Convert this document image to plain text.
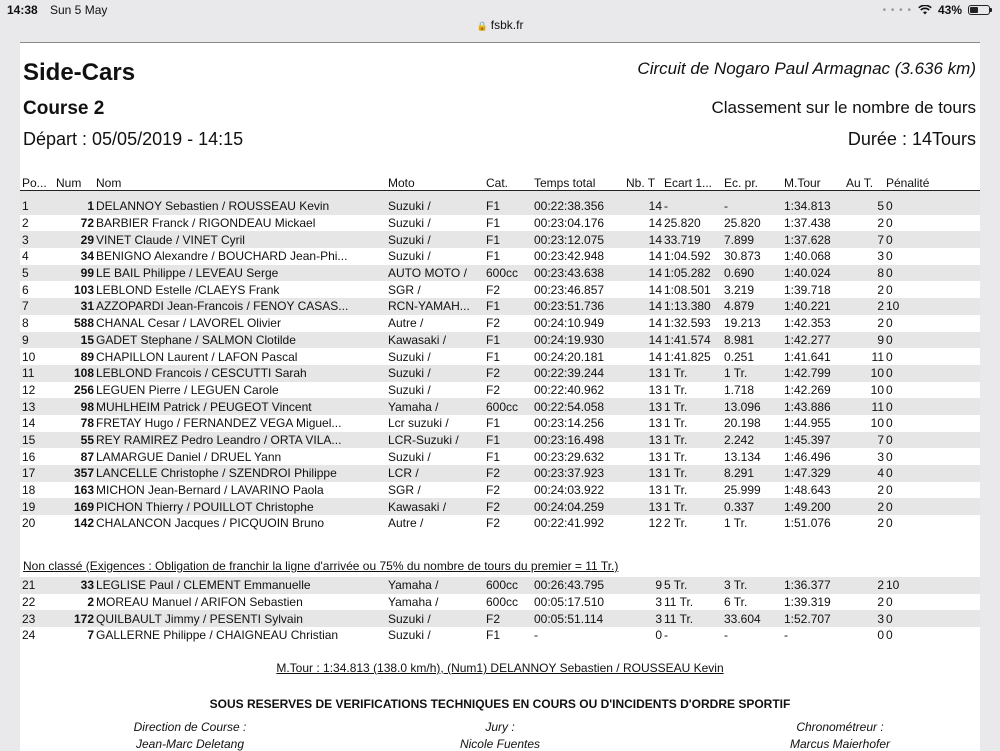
14:38 Sun 5 May	• • • • 43%
🔒 fsbk.fr
Side-Cars	Circuit de Nogaro Paul Armagnac (3.636 km)
Course 2	Classement sur le nombre de tours
Départ : 05/05/2019 - 14:15	Durée : 14Tours
Po...	Num	Nom	Moto	Cat.	Temps total	Nb. T	Ecart 1...	Ec. pr.	M.Tour	Au T.	Pénalité

1	1	DELANNOY Sebastien / ROUSSEAU Kevin	Suzuki /	F1	00:22:38.356	14	-	-	1:34.813	5	0
2	72	BARBIER Franck / RIGONDEAU Mickael	Suzuki /	F1	00:23:04.176	14	25.820	25.820	1:37.438	2	0
3	29	VINET Claude / VINET Cyril	Suzuki /	F1	00:23:12.075	14	33.719	7.899	1:37.628	7	0
4	34	BENIGNO Alexandre / BOUCHARD Jean-Phi...	Suzuki /	F1	00:23:42.948	14	1:04.592	30.873	1:40.068	3	0
5	99	LE BAIL Philippe / LEVEAU Serge	AUTO MOTO /	600cc	00:23:43.638	14	1:05.282	0.690	1:40.024	8	0
6	103	LEBLOND Estelle /CLAEYS Frank	SGR /	F2	00:23:46.857	14	1:08.501	3.219	1:39.718	2	0
7	31	AZZOPARDI Jean-Francois / FENOY CASAS...	RCN-YAMAH...	F1	00:23:51.736	14	1:13.380	4.879	1:40.221	2	10
8	588	CHANAL Cesar / LAVOREL Olivier	Autre /	F2	00:24:10.949	14	1:32.593	19.213	1:42.353	2	0
9	15	GADET Stephane / SALMON Clotilde	Kawasaki /	F1	00:24:19.930	14	1:41.574	8.981	1:42.277	9	0
10	89	CHAPILLON Laurent / LAFON Pascal	Suzuki /	F1	00:24:20.181	14	1:41.825	0.251	1:41.641	11	0
11	108	LEBLOND Francois / CESCUTTI Sarah	Suzuki /	F2	00:22:39.244	13	1 Tr.	1 Tr.	1:42.799	10	0
12	256	LEGUEN Pierre / LEGUEN Carole	Suzuki /	F2	00:22:40.962	13	1 Tr.	1.718	1:42.269	10	0
13	98	MUHLHEIM Patrick / PEUGEOT Vincent	Yamaha /	600cc	00:22:54.058	13	1 Tr.	13.096	1:43.886	11	0
14	78	FRETAY Hugo / FERNANDEZ VEGA Miguel...	Lcr suzuki /	F1	00:23:14.256	13	1 Tr.	20.198	1:44.955	10	0
15	55	REY RAMIREZ Pedro Leandro / ORTA VILA...	LCR-Suzuki /	F1	00:23:16.498	13	1 Tr.	2.242	1:45.397	7	0
16	87	LAMARGUE Daniel / DRUEL Yann	Suzuki /	F1	00:23:29.632	13	1 Tr.	13.134	1:46.496	3	0
17	357	LANCELLE Christophe / SZENDROI Philippe	LCR /	F2	00:23:37.923	13	1 Tr.	8.291	1:47.329	4	0
18	163	MICHON Jean-Bernard / LAVARINO Paola	SGR /	F2	00:24:03.922	13	1 Tr.	25.999	1:48.643	2	0
19	169	PICHON Thierry / POUILLOT Christophe	Kawasaki /	F2	00:24:04.259	13	1 Tr.	0.337	1:49.200	2	0
20	142	CHALANCON Jacques / PICQUOIN Bruno	Autre /	F2	00:22:41.992	12	2 Tr.	1 Tr.	1:51.076	2	0
Non classé (Exigences : Obligation de franchir la ligne d'arrivée ou 75% du nombre de tours du premier = 11 Tr.)
21	33	LEGLISE Paul / CLEMENT Emmanuelle	Yamaha /	600cc	00:26:43.795	9	5 Tr.	3 Tr.	1:36.377	2	10
22	2	MOREAU Manuel / ARIFON Sebastien	Yamaha /	600cc	00:05:17.510	3	11 Tr.	6 Tr.	1:39.319	2	0
23	172	QUILBAULT Jimmy / PESENTI Sylvain	Suzuki /	F2	00:05:51.114	3	11 Tr.	33.604	1:52.707	3	0
24	7	GALLERNE Philippe / CHAIGNEAU Christian	Suzuki /	F1	-	0	-	-	-	0	0
M.Tour : 1:34.813 (138.0 km/h), (Num1) DELANNOY Sebastien / ROUSSEAU Kevin
SOUS RESERVES DE VERIFICATIONS TECHNIQUES EN COURS OU D'INCIDENTS D'ORDRE SPORTIF
Direction de Course :
Jean-Marc Deletang
Jury :
Nicole Fuentes
Chronométreur :
Marcus Maierhofer
